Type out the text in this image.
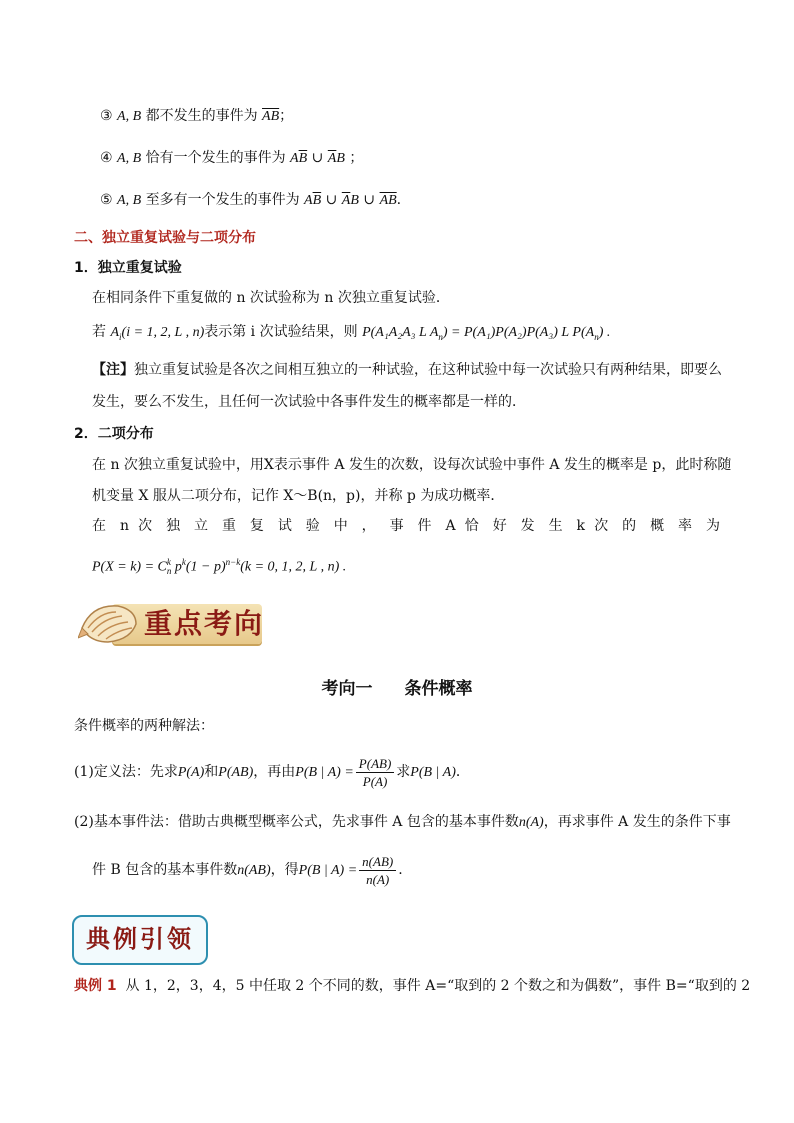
③ A, B 都不发生的事件为 $\overline{AB}$；
④ A, B 恰有一个发生的事件为 $A\overline{B}$ ∪ $\overline{A}B$ ；
⑤ A, B 至多有一个发生的事件为 $A\overline{B}$ ∪ $\overline{A}B$ ∪ $\overline{AB}$.
二、独立重复试验与二项分布
1．独立重复试验
在相同条件下重复做的 n 次试验称为 n 次独立重复试验．
若 $A_i(i = 1$, 2, L , n)表示第 i 次试验结果，则 P(A₁A₂A₃ L $A_n) = P(A_1)P(A_2)P(A_3)$ L $P(A_n)$ .
【注】独立重复试验是各次之间相互独立的一种试验，在这种试验中每一次试验只有两种结果，即要么
发生，要么不发生，且任何一次试验中各事件发生的概率都是一样的．
2．二项分布
在 n 次独立重复试验中，用X表示事件 A 发生的次数，设每次试验中事件 A 发生的概率是 p，此时称随
机变量 X 服从二项分布，记作 X～B(n，p)，并称 p 为成功概率．
在 n 次 独 立 重 复 试 验 中 ， 事 件 A 恰 好 发 生 k 次 的 概 率 为
P(X = k) = C k
n $p^k(1 - p)^{n-k}(k = 0$, 1, 2, L , n) .
重点考向
考向一 条件概率
条件概率的两种解法：
(1)定义法：先求P(A)和P(AB)，再由P(B | $A) = \frac{P(AB)}{P(A)}$ 求P(B | A)．
(2)基本事件法：借助古典概型概率公式，先求事件 A 包含的基本事件数n(A)，再求事件 A 发生的条件下事
件 B 包含的基本事件数n(AB)，得P(B | $A) = \frac{n(AB)}{n(A)}$ .
典例引领
典例 1 从 1，2，3，4，5 中任取 2 个不同的数，事件 A=“取到的 2 个数之和为偶数”，事件 B=“取到的 2
